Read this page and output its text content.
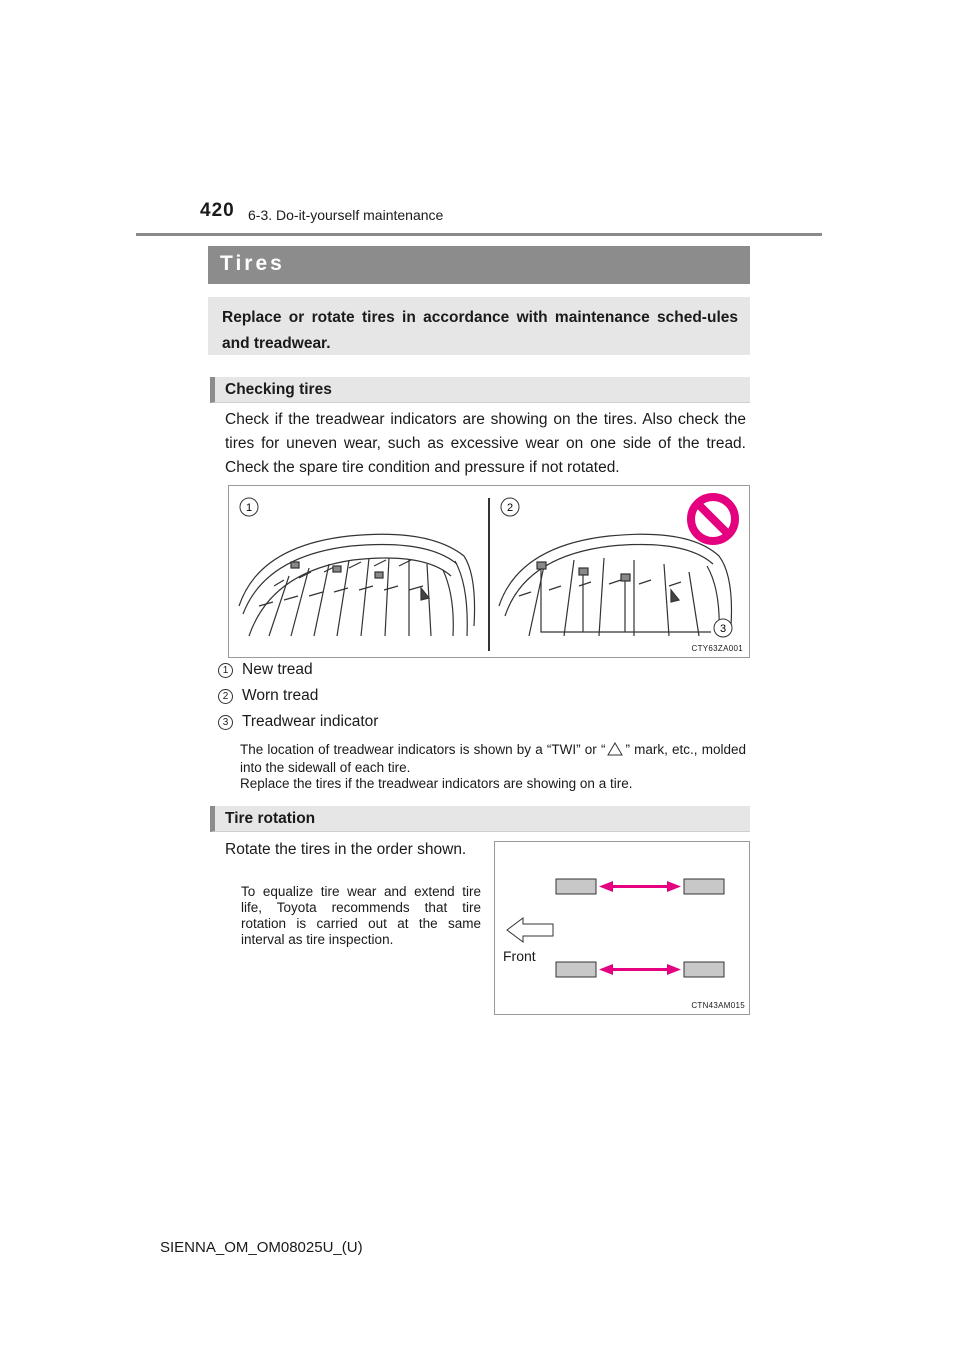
420 6-3. Do-it-yourself maintenance
Tires
Replace or rotate tires in accordance with maintenance sched-ules and treadwear.
Checking tires
Check if the treadwear indicators are showing on the tires. Also check the tires for uneven wear, such as excessive wear on one side of the tread. Check the spare tire condition and pressure if not rotated.
1	2
3
CTY63ZA001
1 New tread
2 Worn tread
3 Treadwear indicator
The location of treadwear indicators is shown by a “TWI” or “ ” mark, etc., molded into the sidewall of each tire.
Replace the tires if the treadwear indicators are showing on a tire.
Tire rotation
Rotate the tires in the order shown.
To equalize tire wear and extend tire life, Toyota recommends that tire rotation is carried out at the same interval as tire inspection.
Front
CTN43AM015
SIENNA_OM_OM08025U_(U)
